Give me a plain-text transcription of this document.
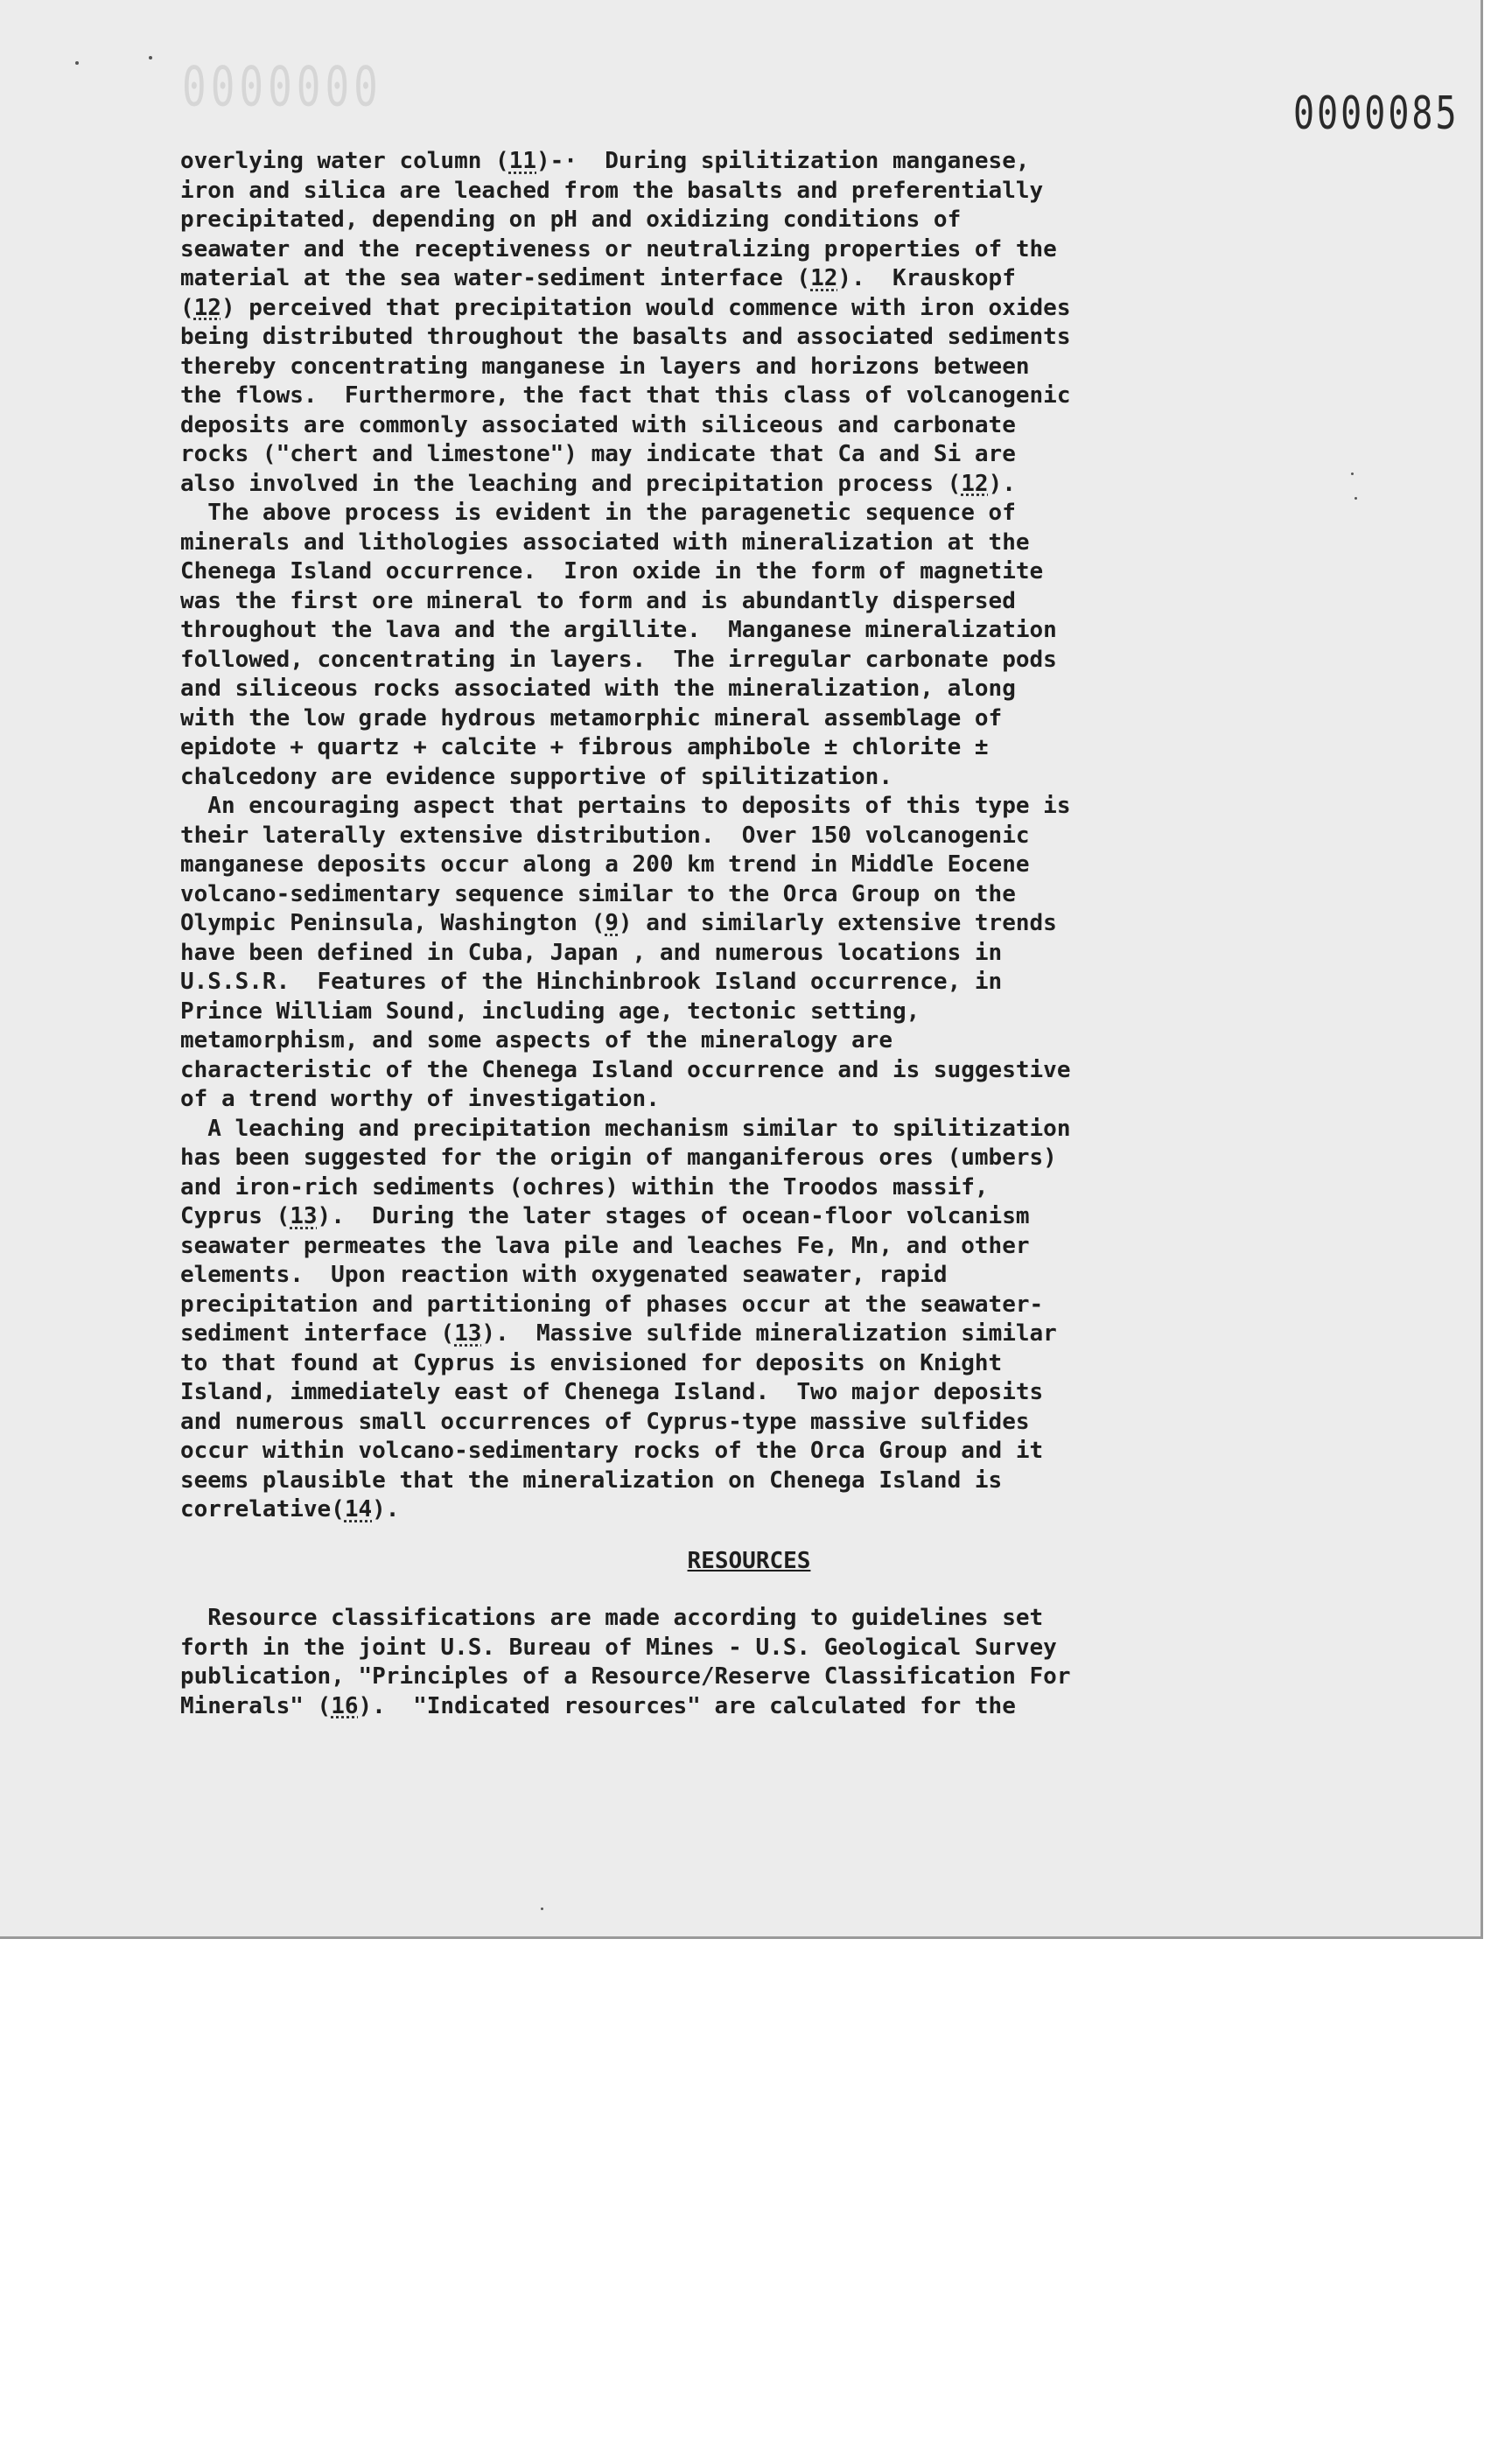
0000000	0000085
overlying water column (11)-·  During spilitization manganese,
iron and silica are leached from the basalts and preferentially
precipitated, depending on pH and oxidizing conditions of
seawater and the receptiveness or neutralizing properties of the
material at the sea water-sediment interface (12).  Krauskopf
(12) perceived that precipitation would commence with iron oxides
being distributed throughout the basalts and associated sediments
thereby concentrating manganese in layers and horizons between
the flows.  Furthermore, the fact that this class of volcanogenic
deposits are commonly associated with siliceous and carbonate
rocks ("chert and limestone") may indicate that Ca and Si are
also involved in the leaching and precipitation process (12).
The above process is evident in the paragenetic sequence of
minerals and lithologies associated with mineralization at the
Chenega Island occurrence.  Iron oxide in the form of magnetite
was the first ore mineral to form and is abundantly dispersed
throughout the lava and the argillite.  Manganese mineralization
followed, concentrating in layers.  The irregular carbonate pods
and siliceous rocks associated with the mineralization, along
with the low grade hydrous metamorphic mineral assemblage of
epidote + quartz + calcite + fibrous amphibole ± chlorite ±
chalcedony are evidence supportive of spilitization.
An encouraging aspect that pertains to deposits of this type is
their laterally extensive distribution.  Over 150 volcanogenic
manganese deposits occur along a 200 km trend in Middle Eocene
volcano-sedimentary sequence similar to the Orca Group on the
Olympic Peninsula, Washington (9) and similarly extensive trends
have been defined in Cuba, Japan , and numerous locations in
U.S.S.R.  Features of the Hinchinbrook Island occurrence, in
Prince William Sound, including age, tectonic setting,
metamorphism, and some aspects of the mineralogy are
characteristic of the Chenega Island occurrence and is suggestive
of a trend worthy of investigation.
A leaching and precipitation mechanism similar to spilitization
has been suggested for the origin of manganiferous ores (umbers)
and iron-rich sediments (ochres) within the Troodos massif,
Cyprus (13).  During the later stages of ocean-floor volcanism
seawater permeates the lava pile and leaches Fe, Mn, and other
elements.  Upon reaction with oxygenated seawater, rapid
precipitation and partitioning of phases occur at the seawater-
sediment interface (13).  Massive sulfide mineralization similar
to that found at Cyprus is envisioned for deposits on Knight
Island, immediately east of Chenega Island.  Two major deposits
and numerous small occurrences of Cyprus-type massive sulfides
occur within volcano-sedimentary rocks of the Orca Group and it
seems plausible that the mineralization on Chenega Island is
correlative(14).
RESOURCES
Resource classifications are made according to guidelines set
forth in the joint U.S. Bureau of Mines - U.S. Geological Survey
publication, "Principles of a Resource/Reserve Classification For
Minerals" (16).  "Indicated resources" are calculated for the
